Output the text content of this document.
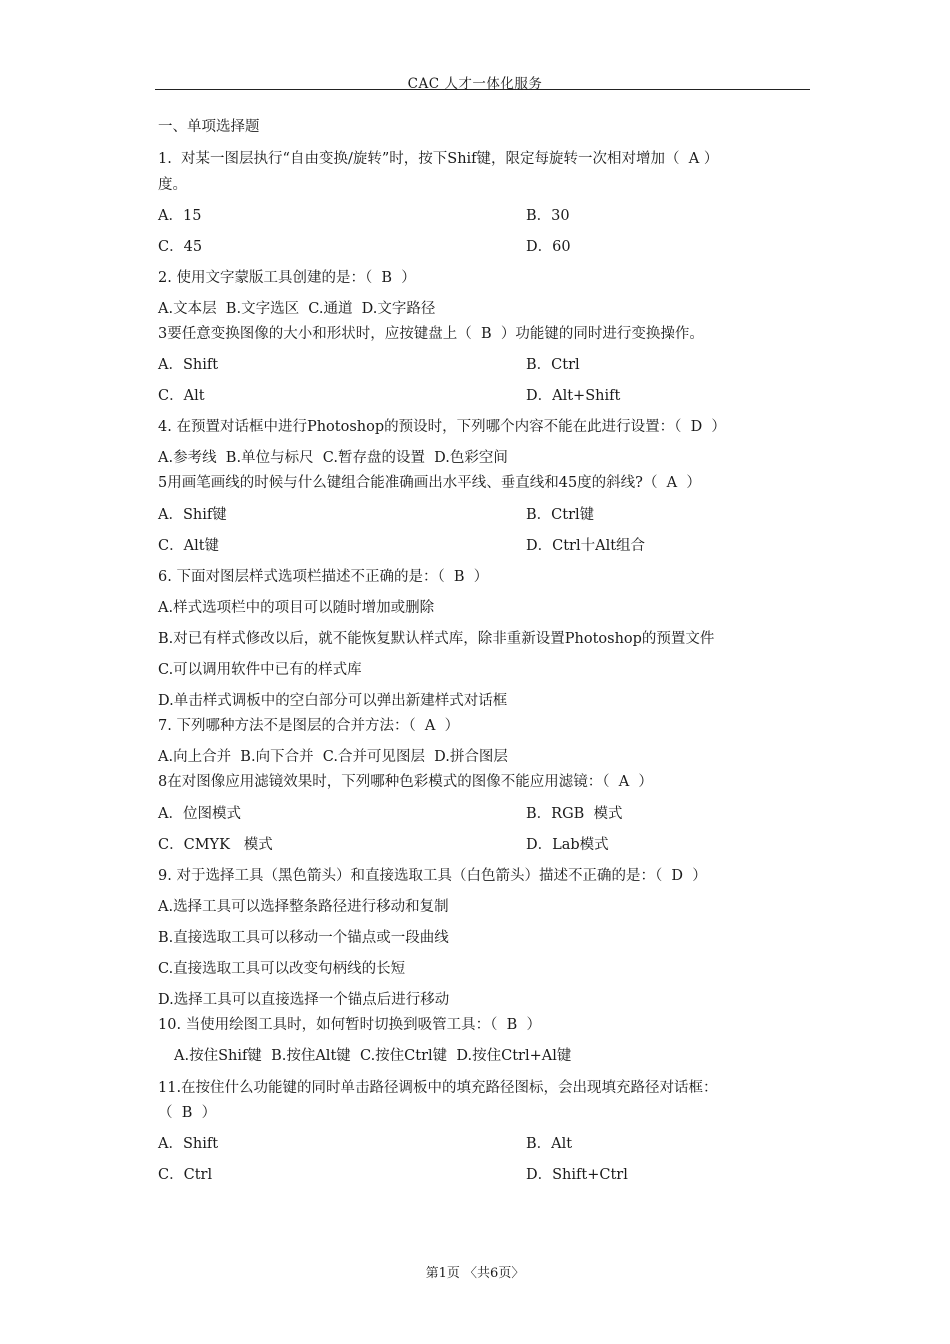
CAC 人才一体化服务
一、单项选择题
1.  对某一图层执行“自由变换/旋转”时，按下Shif键，限定每旋转一次相对增加（  A ）
度。
A．15	B．30
C．45	D．60
2. 使用文字蒙版工具创建的是：（  B  ）
A.文本层  B.文字选区  C.通道  D.文字路径
3要任意变换图像的大小和形状时，应按键盘上（  B  ）功能键的同时进行变换操作。
A．Shift	B．Ctrl
C．Alt	D．Alt+Shift
4. 在预置对话框中进行Photoshop的预设时，下列哪个内容不能在此进行设置：（  D  ）
A.参考线  B.单位与标尺  C.暂存盘的设置  D.色彩空间
5用画笔画线的时候与什么键组合能准确画出水平线、垂直线和45度的斜线?（  A  ）
A．Shif键	B．Ctrl键
C．Alt键	D．Ctrl十Alt组合
6. 下面对图层样式选项栏描述不正确的是：（  B  ）
A.样式选项栏中的项目可以随时增加或删除
B.对已有样式修改以后，就不能恢复默认样式库，除非重新设置Photoshop的预置文件
C.可以调用软件中已有的样式库
D.单击样式调板中的空白部分可以弹出新建样式对话框
7. 下列哪种方法不是图层的合并方法：（  A  ）
A.向上合并  B.向下合并  C.合并可见图层  D.拼合图层
8在对图像应用滤镜效果时，下列哪种色彩模式的图像不能应用滤镜：（  A  ）
A．位图模式	B．RGB  模式
C．CMYK   模式	D．Lab模式
9. 对于选择工具（黑色箭头）和直接选取工具（白色箭头）描述不正确的是：（  D  ）
A.选择工具可以选择整条路径进行移动和复制
B.直接选取工具可以移动一个锚点或一段曲线
C.直接选取工具可以改变句柄线的长短
D.选择工具可以直接选择一个锚点后进行移动
10. 当使用绘图工具时，如何暂时切换到吸管工具：（  B  ）
A.按住Shif键  B.按住Alt键  C.按住Ctrl键  D.按住Ctrl+Al键
11.在按住什么功能键的同时单击路径调板中的填充路径图标，会出现填充路径对话框：
（  B  ）
A．Shift	B．Alt
C．Ctrl	D．Shift+Ctrl
第1页 〈共6页〉
